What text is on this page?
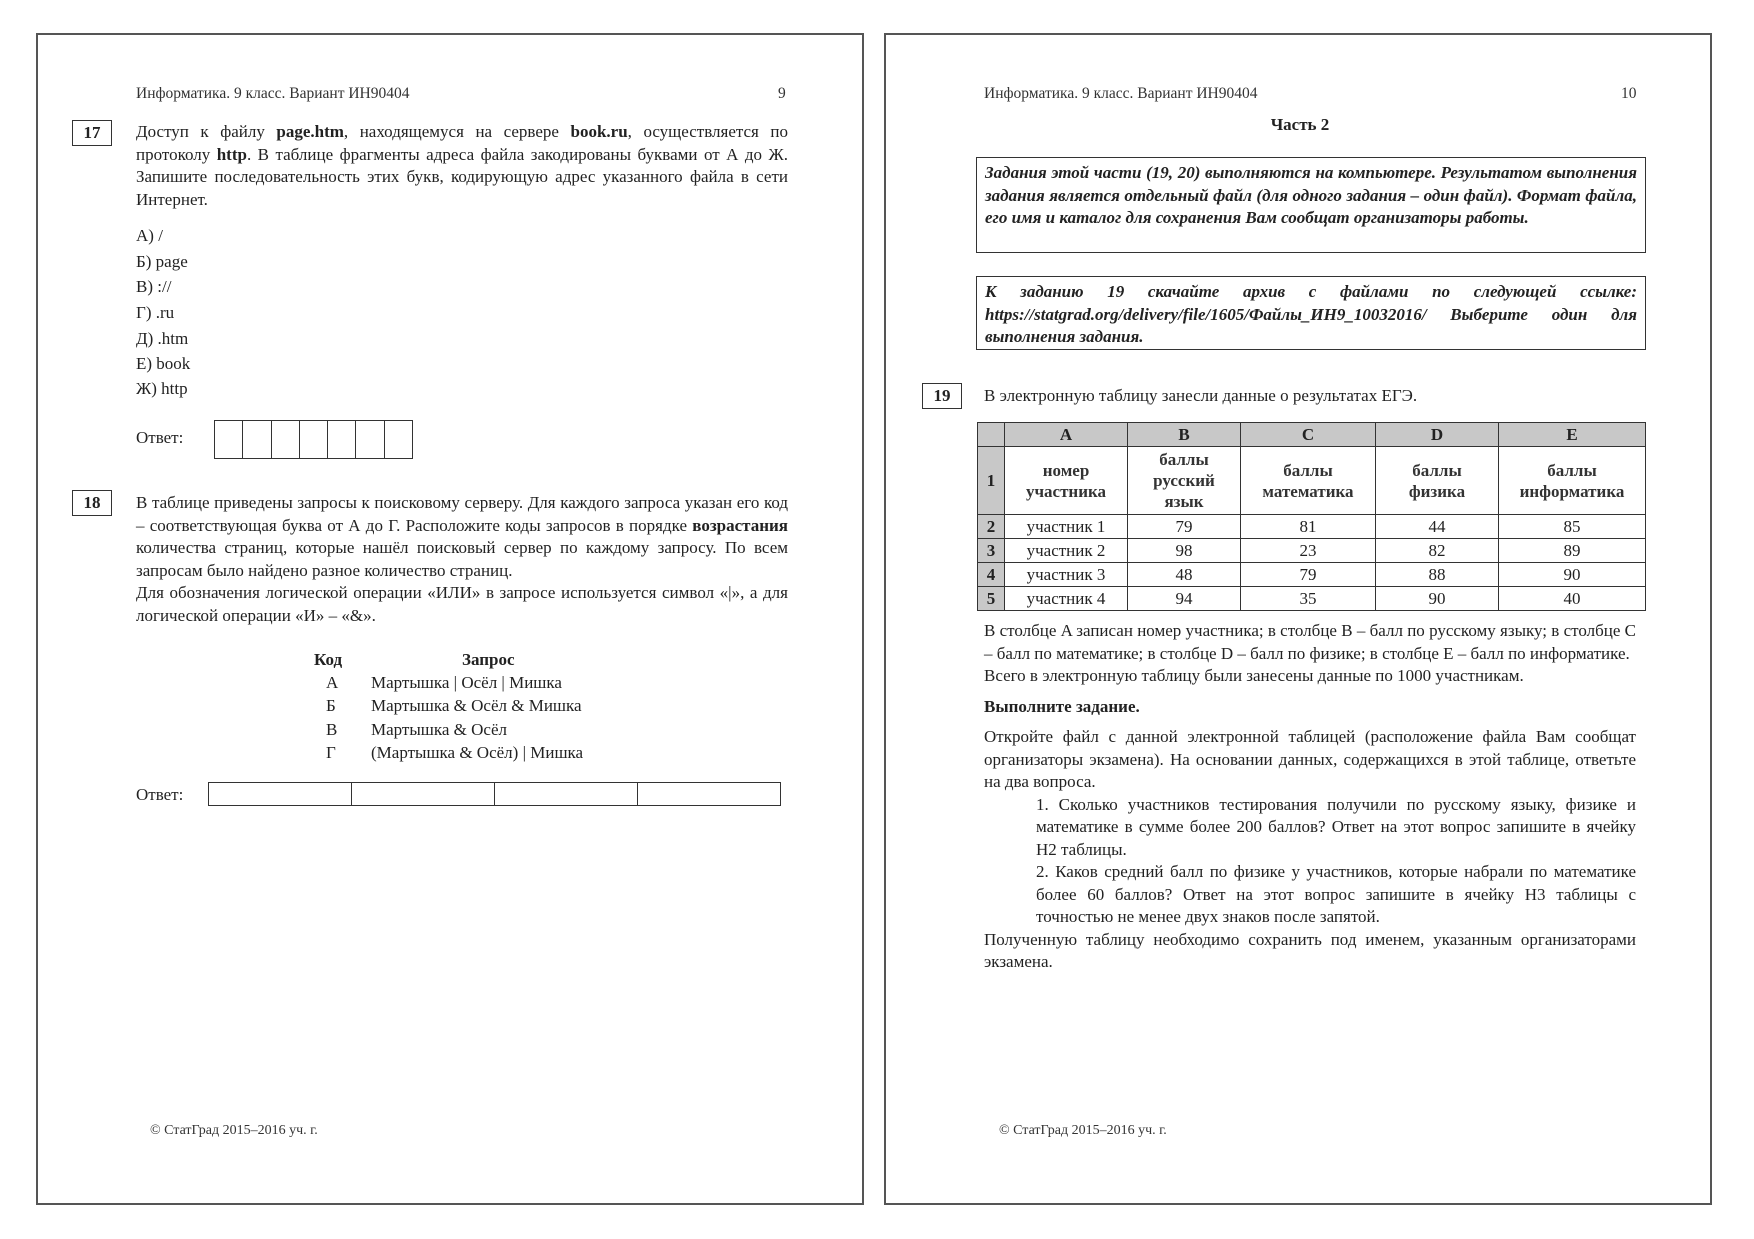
Информатика. 9 класс. Вариант ИН90404	9
17	Доступ к файлу page.htm, находящемуся на сервере book.ru, осуществляется по протоколу http. В таблице фрагменты адреса файла закодированы буквами от А до Ж. Запишите последовательность этих букв, кодирующую адрес указанного файла в сети Интернет.
А) /
Б) page
В) ://
Г) .ru
Д) .htm
Е) book
Ж) http
Ответ:
18	В таблице приведены запросы к поисковому серверу. Для каждого запроса указан его код – соответствующая буква от А до Г. Расположите коды запросов в порядке возрастания количества страниц, которые нашёл поисковый сервер по каждому запросу. По всем запросам было найдено разное количество страниц.
Для обозначения логической операции «ИЛИ» в запросе используется символ «|», а для логической операции «И» – «&».
Код	Запрос
А Мартышка | Осёл | Мишка
Б Мартышка & Осёл & Мишка
В Мартышка & Осёл
Г (Мартышка & Осёл) | Мишка
Ответ:
© СтатГрад 2015–2016 уч. г.
Информатика. 9 класс. Вариант ИН90404	10
Часть 2
Задания этой части (19, 20) выполняются на компьютере. Результатом выполнения задания является отдельный файл (для одного задания – один файл). Формат файла, его имя и каталог для сохранения Вам сообщат организаторы работы.
К заданию 19 скачайте архив с файлами по следующей ссылке: https://statgrad.org/delivery/file/1605/Файлы_ИН9_10032016/ Выберите один для выполнения задания.
19	В электронную таблицу занесли данные о результатах ЕГЭ.
	A	B	C	D	E
1	номер участника	баллы русский язык	баллы математика	баллы физика	баллы информатика
2	участник 1	79	81	44	85
3	участник 2	98	23	82	89
4	участник 3	48	79	88	90
5	участник 4	94	35	90	40
В столбце A записан номер участника; в столбце B – балл по русскому языку; в столбце C – балл по математике; в столбце D – балл по физике; в столбце E – балл по информатике.
Всего в электронную таблицу были занесены данные по 1000 участникам.
Выполните задание.
Откройте файл с данной электронной таблицей (расположение файла Вам сообщат организаторы экзамена). На основании данных, содержащихся в этой таблице, ответьте на два вопроса.
1. Сколько участников тестирования получили по русскому языку, физике и математике в сумме более 200 баллов? Ответ на этот вопрос запишите в ячейку H2 таблицы.
2. Каков средний балл по физике у участников, которые набрали по математике более 60 баллов? Ответ на этот вопрос запишите в ячейку H3 таблицы с точностью не менее двух знаков после запятой.
Полученную таблицу необходимо сохранить под именем, указанным организаторами экзамена.
© СтатГрад 2015–2016 уч. г.
